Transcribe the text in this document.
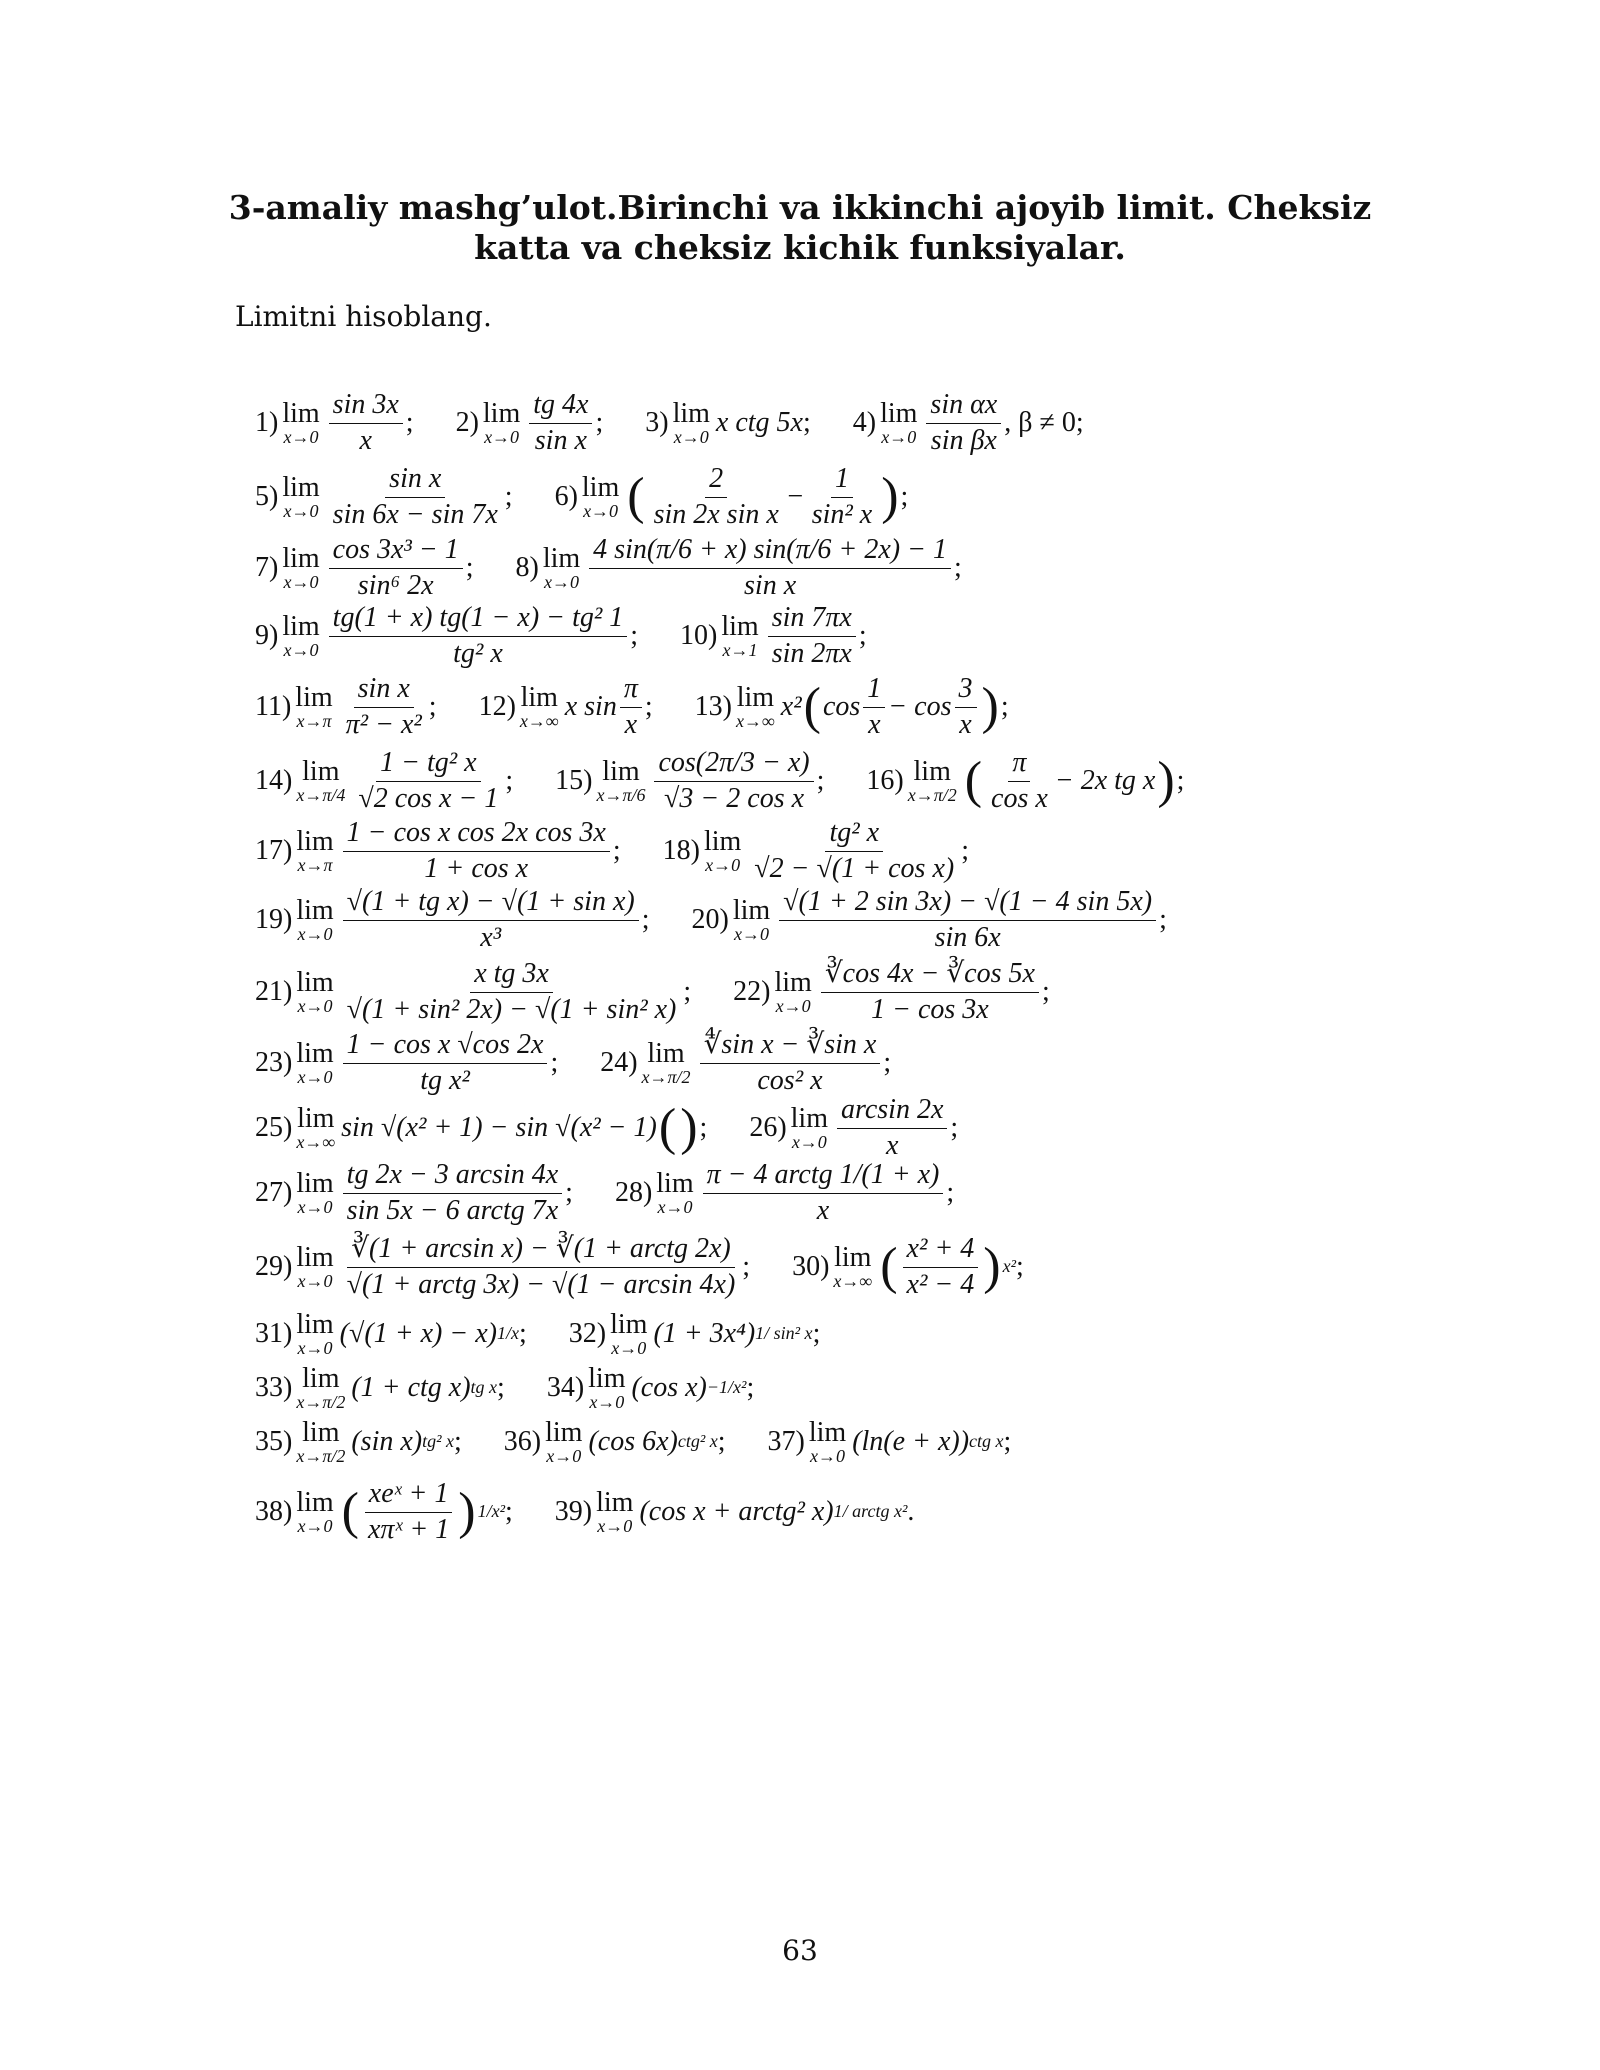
3-amaliy mashg’ulot.Birinchi va ikkinchi ajoyib limit. Cheksiz katta va cheksiz kichik funksiyalar.
Limitni hisoblang.
1) lim
$x\to 0 \frac{\sin 3x}{x}$ ; 2) lim
$x\to 0 \frac{tg 4x}{\text{sin x}}$ ; 3) lim
x→0 x ctg 5x ; 4) lim
$x\to 0 \frac{\text{sin αx}}{\text{sin βx}}$ , β ≠ 0;
5) lim
$x\to 0 \frac{\text{sin x}}{\sin 6x - \sin 7x}$ ; 6) lim
x→0 ( $\frac{2}{\text{sin 2x sin x}} - \frac{1}{\text{sin² x}}$ ) ;
7) lim
$x\to 0 \frac{\text{cos 3x³ − 1}}{\text{sin⁶ 2x}}$ ; 8) lim
$x\to 0 \frac{4 \sin(\pi/6 + x) \sin(\pi/6 + 2x) - 1}{\text{sin x}}$ ;
9) lim
$x\to 0 \frac{\text{tg(1 + x) tg(1 − x) − tg² 1}}{\text{tg² x}}$ ; 10) lim
$x\to 1 \frac{\sin 7\pi x}{\sin 2\pi x}$ ;
11) lim
$x\to\pi \frac{\text{sin x}}{\text{π² − x²}}$ ; 12) lim
x→∞ x $\sin \frac{\pi}{x}$ ; 13) lim
x→∞ x² ( $\cos \frac{1}{x} - \cos \frac{3}{x}$ ) ;
14) lim
$x\to\pi/4 \frac{\text{1 − tg² x}}{\text{√2 cos x − 1}}$ ; 15) lim
$x\to\pi/6 \frac{\cos(2\pi/3 - x)}{\text{√3 − 2 cos x}}$ ; 16) lim
x→π/2 ( $\frac{\pi}{\text{cos x}} - 2x$ tg x ) ;
17) lim
$x\to\pi \frac{\text{1 − cos x cos 2x cos 3x}}{\text{1 + cos x}}$ ; 18) lim
$x\to 0 \frac{\text{tg² x}}{\text{√2 − √(1 + cos x)}}$ ;
19) lim
$x\to 0 \frac{\text{√(1 + tg x) − √(1 + sin x)}}{\text{x³}}$ ; 20) lim
$x\to 0 \frac{√(1 + 2 \sin 3x) - √(1 - 4 \sin 5x)}{\sin 6x}$ ;
21) lim
$x\to 0 \frac{\text{x tg 3x}}{\text{√(1 + sin² 2x) − √(1 + sin² x)}}$ ; 22) lim
$x\to 0 \frac{∛\cos 4x - ∛\cos 5x}{1 - \cos 3x}$ ;
23) lim
$x\to 0 \frac{\text{1 − cos x √cos 2x}}{\text{tg x²}}$ ; 24) lim
$x\to\pi/2 \frac{\text{∜sin x − ∛sin x}}{\text{cos² x}}$ ;
25) lim
x→∞ sin √(x² + 1) − sin √(x² − 1) ( ) ; 26) lim
$x\to 0 \frac{\arcsin 2x}{x}$ ;
27) lim
$x\to 0 \frac{tg 2x - 3 \arcsin 4x}{\text{sin 5x − 6 arctg 7x}}$ ; 28) lim
$x\to 0 \frac{\text{π − 4 arctg 1/(1 + x)}}{x}$ ;
29) lim
$x\to 0 \frac{\text{∛(1 + arcsin x) − ∛(1 + arctg 2x)}}{\text{√(1 + arctg 3x) − √(1 − arcsin 4x)}}$ ; 30) lim
x→∞ ( $\frac{\text{x² + 4}}{\text{x² − 4}}$ ) x² ;
31) lim
x→0 (√(1 + x) − x) 1/x ; 32) lim
x→0 (1 + 3x⁴) 1/ sin² x ;
33) lim
x→π/2 (1 + ctg x) tg x ; 34) lim
x→0 (cos x) −1/x² ;
35) lim
x→π/2 (sin x) tg² x ; 36) lim
x→0 (cos 6x) ctg² x ; 37) lim
x→0 (ln(e + x)) ctg x ;
38) lim
x→0 ( $\frac{\text{xeˣ + 1}}{\text{xπˣ + 1}}$ ) 1/x² ; 39) lim
x→0 (cos x + arctg² x) 1/ arctg x² .
63
